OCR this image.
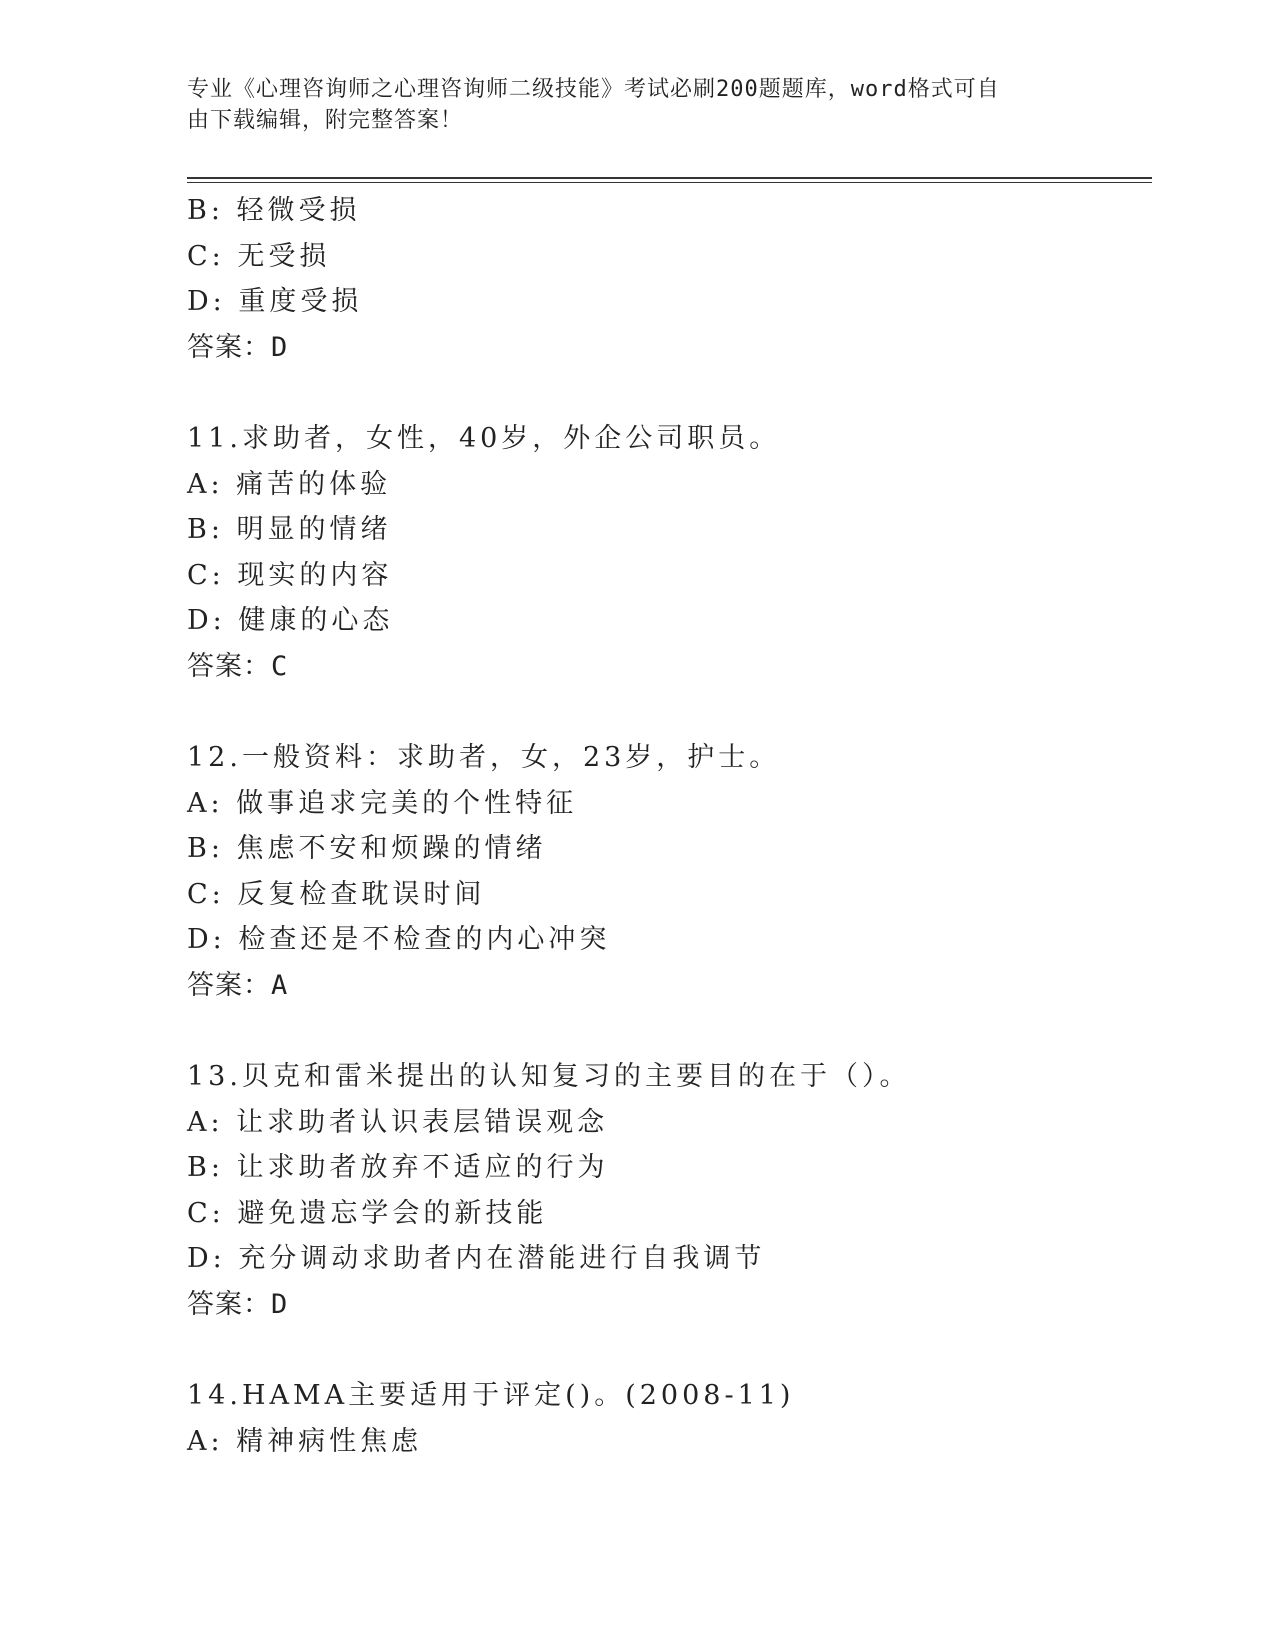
专业《心理咨询师之心理咨询师二级技能》考试必刷200题题库，word格式可自
由下载编辑，附完整答案！
B: 轻微受损
C: 无受损
D: 重度受损
答案：D
11.求助者，女性，40岁，外企公司职员。
A: 痛苦的体验
B: 明显的情绪
C: 现实的内容
D: 健康的心态
答案：C
12.一般资料：求助者，女，23岁，护士。
A: 做事追求完美的个性特征
B: 焦虑不安和烦躁的情绪
C: 反复检查耽误时间
D: 检查还是不检查的内心冲突
答案：A
13.贝克和雷米提出的认知复习的主要目的在于（）。
A: 让求助者认识表层错误观念
B: 让求助者放弃不适应的行为
C: 避免遗忘学会的新技能
D: 充分调动求助者内在潜能进行自我调节
答案：D
14.HAMA主要适用于评定()。(2008-11)
A: 精神病性焦虑
